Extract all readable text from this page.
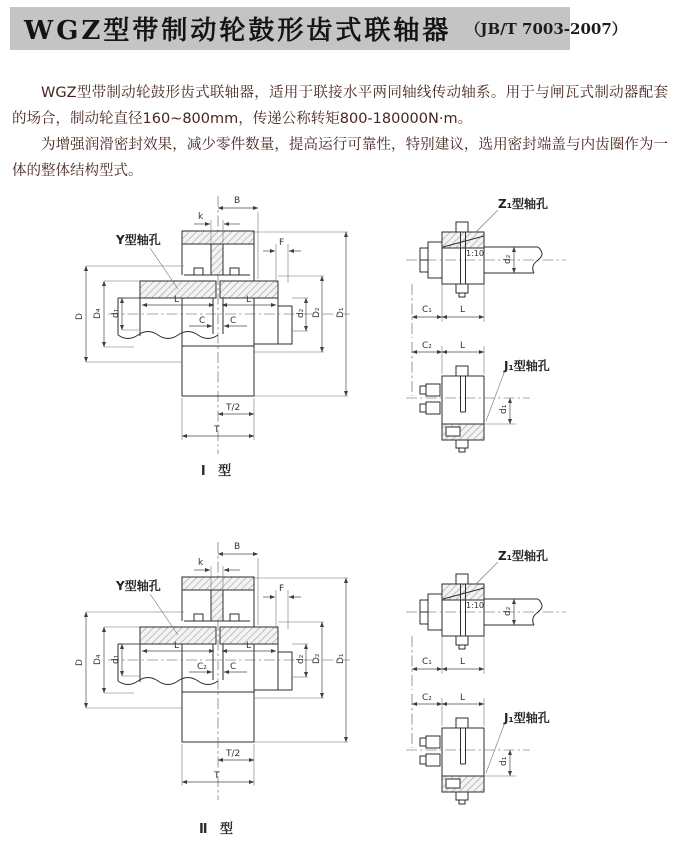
WGZ型带制动轮鼓形齿式联轴器 （JB/T 7003-2007）

WGZ型带制动轮鼓形齿式联轴器，适用于联接水平两同轴线传动轴系。用于与闸瓦式制动器配套的场合，制动轮直径160~800mm，传递公称转矩800-180000N·m。

为增强润滑密封效果，减少零件数量，提高运行可靠性，特别建议，选用密封端盖与内齿圈作为一体的整体结构型式。

B
k
F
Y型轴孔
L	L
C	C
D D₄ d₁	d₂ D₂ D₁
T/2
T
1:10
d₂
C₁	L
Z₁型轴孔
C₂	L
d₁
J₁型轴孔
Ⅰ 型
B
k
F
Y型轴孔
L	L
C₂	C
D D₄ d₁	d₂ D₂ D₁
T/2
T
1:10
d₂
C₁	L
Z₁型轴孔
C₂	L
d₁
J₁型轴孔
Ⅱ 型
